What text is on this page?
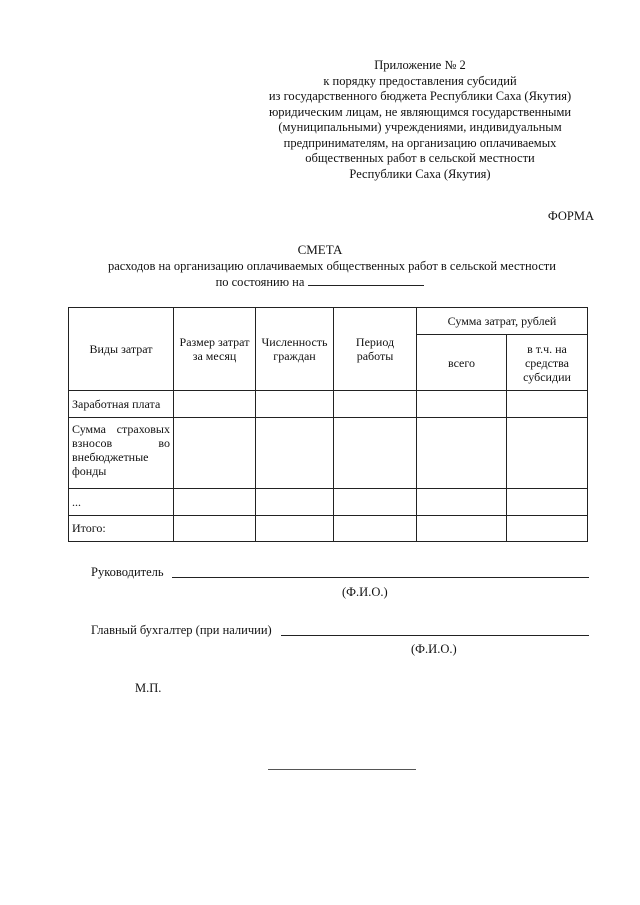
Приложение № 2
к порядку предоставления субсидий
из государственного бюджета Республики Саха (Якутия)
юридическим лицам, не являющимся государственными
(муниципальными) учреждениями, индивидуальным
предпринимателям, на организацию оплачиваемых
общественных работ в сельской местности
Республики Саха (Якутия)
ФОРМА
СМЕТА
расходов на организацию оплачиваемых общественных работ в сельской местности
по состоянию на
Виды затрат	Размер затрат за месяц	Численность граждан	Период работы	Сумма затрат, рублей	
				всего	в т.ч. на средства субсидии
Заработная плата					
Сумма страховых взносов во внебюджетные фонды					
...					
Итого:					
Руководитель
(Ф.И.О.)
Главный бухгалтер (при наличии)
(Ф.И.О.)
М.П.
